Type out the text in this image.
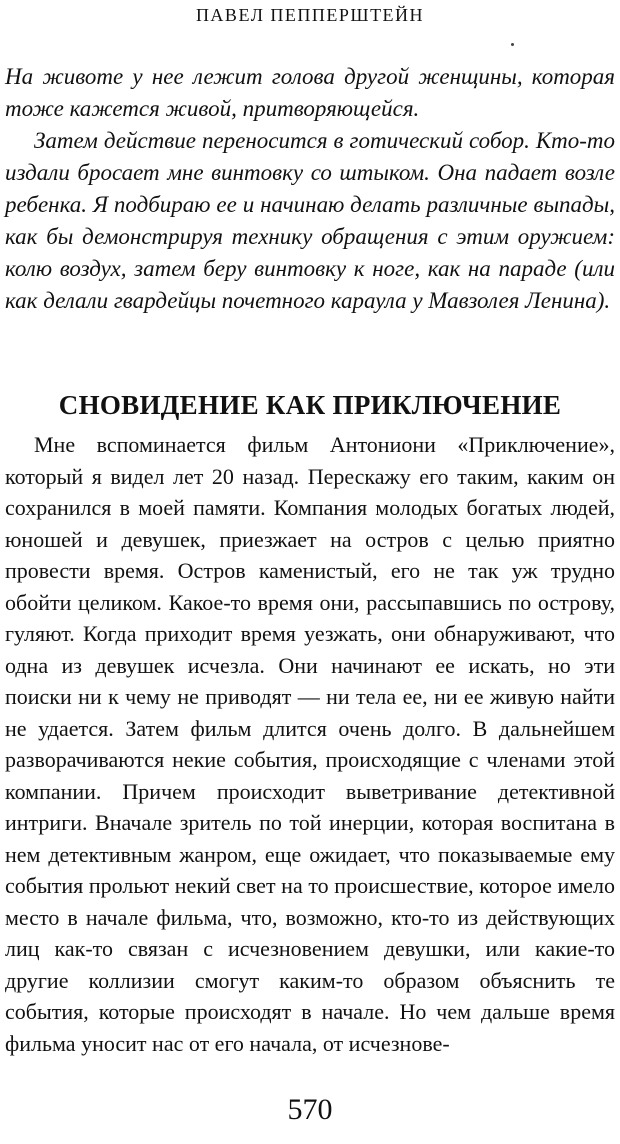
ПАВЕЛ ПЕППЕРШТЕЙН

На животе у нее лежит голова другой женщины, которая тоже кажется живой, притворяющейся.

Затем действие переносится в готический собор. Кто-то издали бросает мне винтовку со штыком. Она падает возле ребенка. Я подбираю ее и начинаю делать различные выпады, как бы демонстрируя технику обращения с этим оружием: колю воздух, затем беру винтовку к ноге, как на параде (или как делали гвардейцы почетного караула у Мавзолея Ленина).

СНОВИДЕНИЕ КАК ПРИКЛЮЧЕНИЕ

Мне вспоминается фильм Антониони «Приключение», который я видел лет 20 назад. Перескажу его таким, каким он сохранился в моей памяти. Компания молодых богатых людей, юношей и девушек, приезжает на остров с целью приятно провести время. Остров каменистый, его не так уж трудно обойти целиком. Какое-то время они, рассыпавшись по острову, гуляют. Когда приходит время уезжать, они обнаруживают, что одна из девушек исчезла. Они начинают ее искать, но эти поиски ни к чему не приводят — ни тела ее, ни ее живую найти не удается. Затем фильм длится очень долго. В дальнейшем разворачиваются некие события, происходящие с членами этой компании. Причем происходит выветривание детективной интриги. Вначале зритель по той инерции, которая воспитана в нем детективным жанром, еще ожидает, что показываемые ему события прольют некий свет на то происшествие, которое имело место в начале фильма, что, возможно, кто-то из действующих лиц как-то связан с исчезновением девушки, или какие-то другие коллизии смогут каким-то образом объяснить те события, которые происходят в начале. Но чем дальше время фильма уносит нас от его начала, от исчезнове-

570
